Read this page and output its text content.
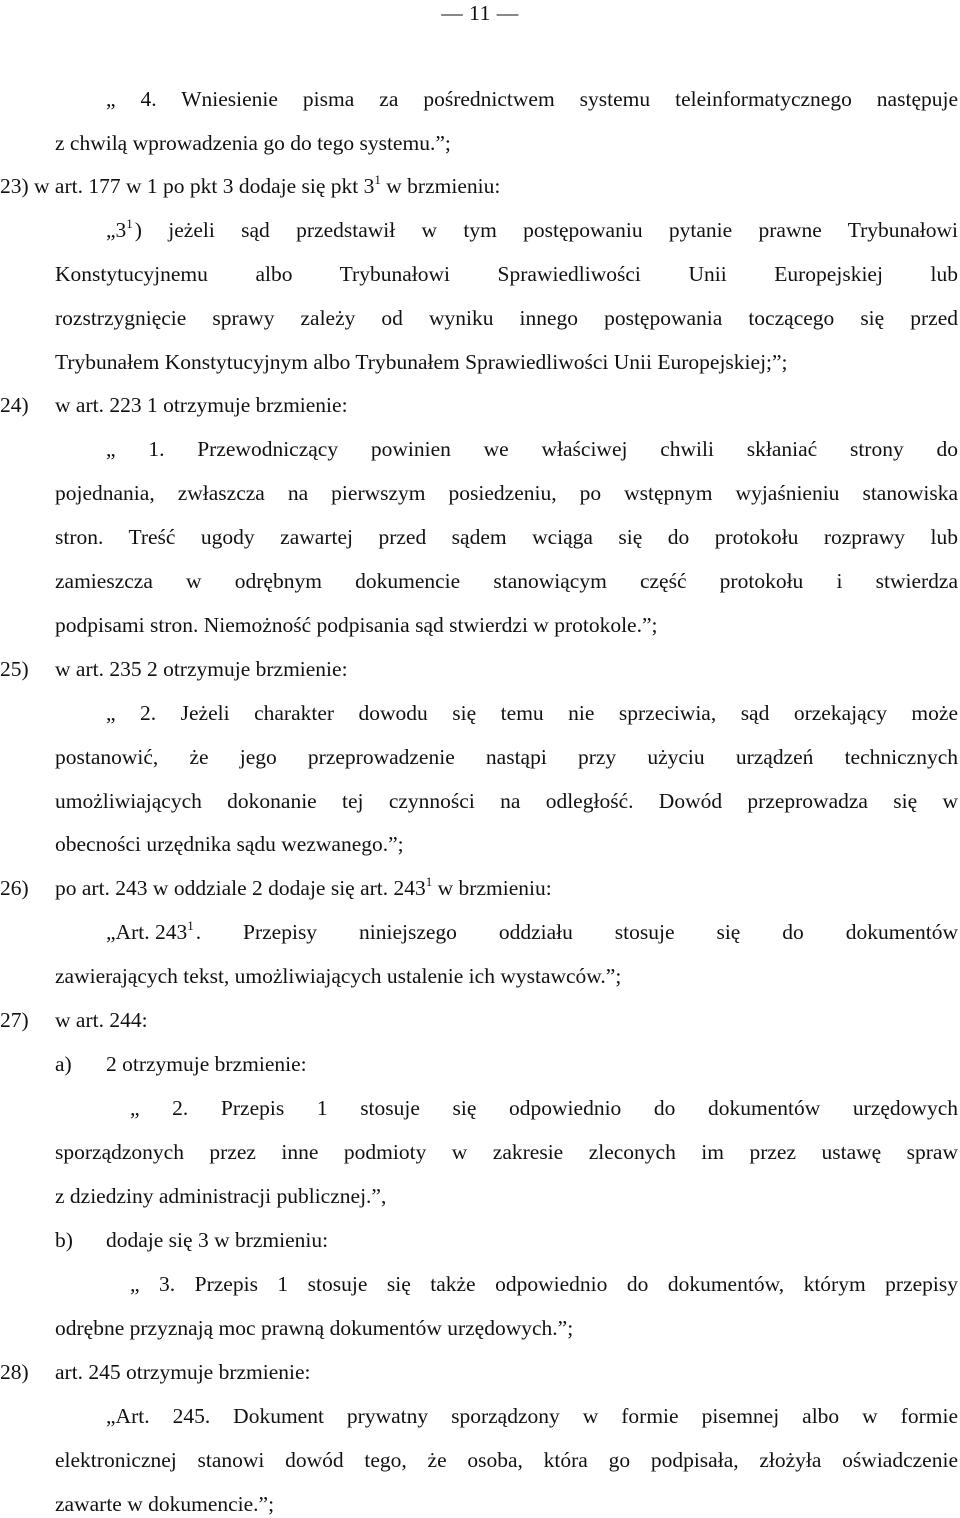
— 11 —
„ 4. Wniesienie pisma za pośrednictwem systemu teleinformatycznego następuje
z chwilą wprowadzenia go do tego systemu.”;
23) w art. 177 w 1 po pkt 3 dodaje się pkt $3^1$ w brzmieniu:
$„3^1$ ) jeżeli sąd przedstawił w tym postępowaniu pytanie prawne Trybunałowi
Konstytucyjnemu albo Trybunałowi Sprawiedliwości Unii Europejskiej lub
rozstrzygnięcie sprawy zależy od wyniku innego postępowania toczącego się przed
Trybunałem Konstytucyjnym albo Trybunałem Sprawiedliwości Unii Europejskiej;”;
24) w art. 223 1 otrzymuje brzmienie:
„ 1. Przewodniczący powinien we właściwej chwili skłaniać strony do
pojednania, zwłaszcza na pierwszym posiedzeniu, po wstępnym wyjaśnieniu stanowiska
stron. Treść ugody zawartej przed sądem wciąga się do protokołu rozprawy lub
zamieszcza w odrębnym dokumencie stanowiącym część protokołu i stwierdza
podpisami stron. Niemożność podpisania sąd stwierdzi w protokole.”;
25) w art. 235 2 otrzymuje brzmienie:
„ 2. Jeżeli charakter dowodu się temu nie sprzeciwia, sąd orzekający może
postanowić, że jego przeprowadzenie nastąpi przy użyciu urządzeń technicznych
umożliwiających dokonanie tej czynności na odległość. Dowód przeprowadza się w
obecności urzędnika sądu wezwanego.”;
26) po art. 243 w oddziale 2 dodaje się art. $243^1$ w brzmieniu:
„Art. $243^1$ . Przepisy niniejszego oddziału stosuje się do dokumentów
zawierających tekst, umożliwiających ustalenie ich wystawców.”;
27) w art. 244:
a) 2 otrzymuje brzmienie:
„ 2. Przepis 1 stosuje się odpowiednio do dokumentów urzędowych
sporządzonych przez inne podmioty w zakresie zleconych im przez ustawę spraw
z dziedziny administracji publicznej.”,
b) dodaje się 3 w brzmieniu:
„ 3. Przepis 1 stosuje się także odpowiednio do dokumentów, którym przepisy
odrębne przyznają moc prawną dokumentów urzędowych.”;
28) art. 245 otrzymuje brzmienie:
„Art. 245. Dokument prywatny sporządzony w formie pisemnej albo w formie
elektronicznej stanowi dowód tego, że osoba, która go podpisała, złożyła oświadczenie
zawarte w dokumencie.”;
